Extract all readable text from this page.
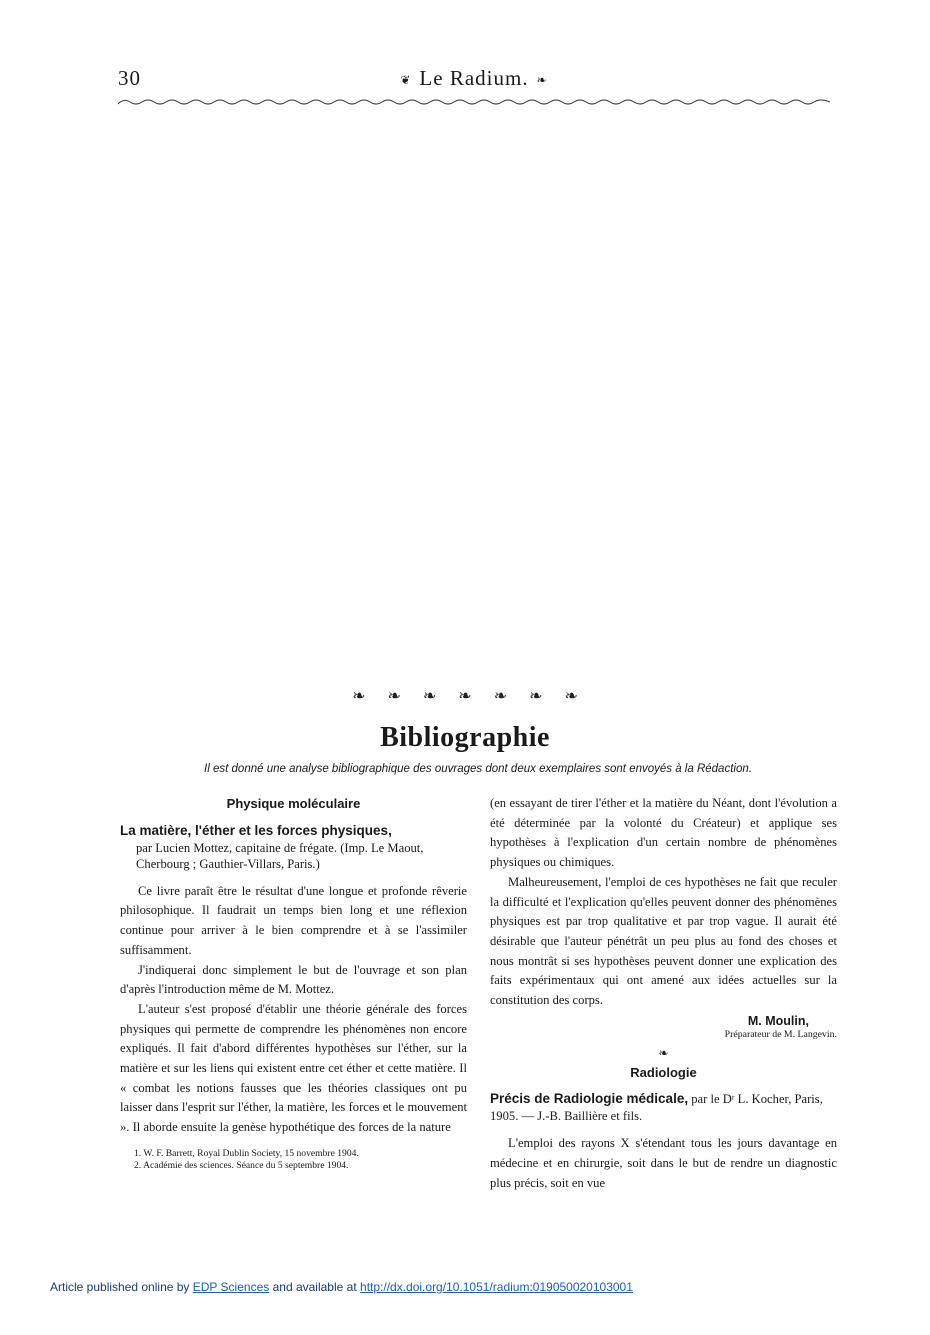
30	❦ Le Radium. ❧
❧❧❧❧❧❧❧
Bibliographie
Il est donné une analyse bibliographique des ouvrages dont deux exemplaires sont envoyés à la Rédaction.
Physique moléculaire
La matière, l'éther et les forces physiques,
par Lucien Mottez, capitaine de frégate. (Imp. Le Maout, Cherbourg ; Gauthier-Villars, Paris.)

Ce livre paraît être le résultat d'une longue et profonde rêverie philosophique. Il faudrait un temps bien long et une réflexion continue pour arriver à le bien comprendre et à se l'assimiler suffisamment.

J'indiquerai donc simplement le but de l'ouvrage et son plan d'après l'introduction même de M. Mottez.

L'auteur s'est proposé d'établir une théorie générale des forces physiques qui permette de comprendre les phénomènes non encore expliqués. Il fait d'abord différentes hypothèses sur l'éther, sur la matière et sur les liens qui existent entre cet éther et cette matière. Il « combat les notions fausses que les théories classiques ont pu laisser dans l'esprit sur l'éther, la matière, les forces et le mouvement ». Il aborde ensuite la genèse hypothétique des forces de la nature

1. W. F. Barrett, Royal Dublin Society, 15 novembre 1904.
2. Académie des sciences. Séance du 5 septembre 1904.

(en essayant de tirer l'éther et la matière du Néant, dont l'évolution a été déterminée par la volonté du Créateur) et applique ses hypothèses à l'explication d'un certain nombre de phénomènes physiques ou chimiques.

Malheureusement, l'emploi de ces hypothèses ne fait que reculer la difficulté et l'explication qu'elles peuvent donner des phénomènes physiques est par trop qualitative et par trop vague. Il aurait été désirable que l'auteur pénétrât un peu plus au fond des choses et nous montrât si ses hypothèses peuvent donner une explication des faits expérimentaux qui ont amené aux idées actuelles sur la constitution des corps.

M. Moulin,
Préparateur de M. Langevin.
❧
Radiologie
Précis de Radiologie médicale, par le Dʳ L. Kocher, Paris, 1905. — J.-B. Baillière et fils.

L'emploi des rayons X s'étendant tous les jours davantage en médecine et en chirurgie, soit dans le but de rendre un diagnostic plus précis, soit en vue

Article published online by EDP Sciences and available at http://dx.doi.org/10.1051/radium:019050020103001
